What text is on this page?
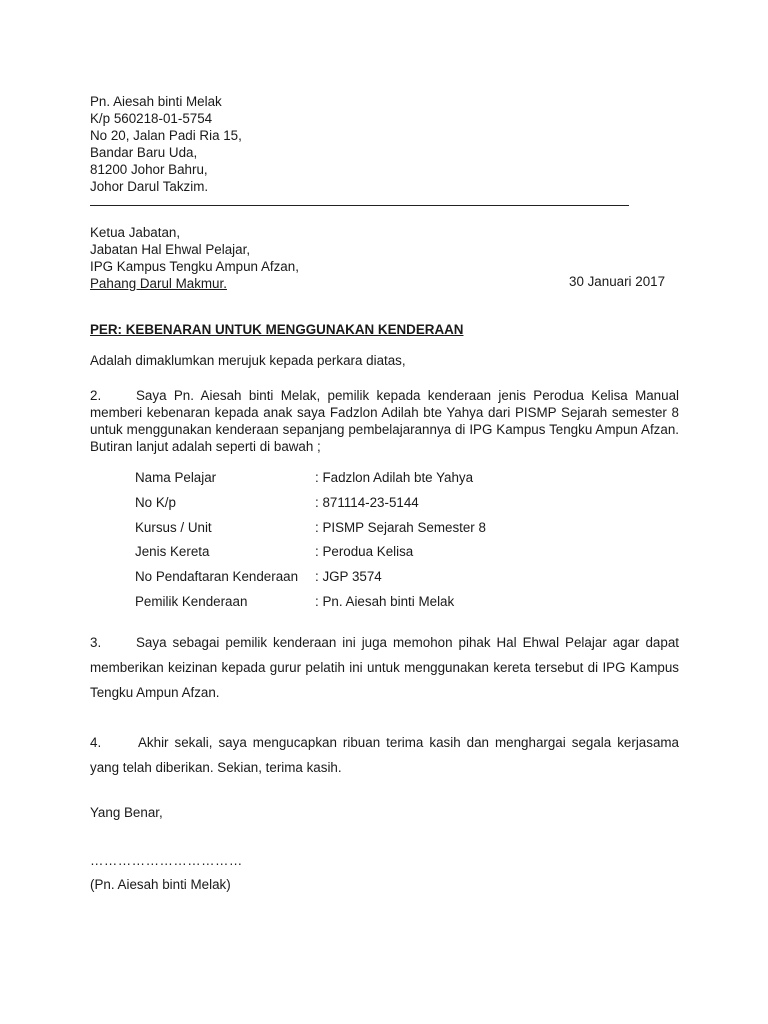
Pn. Aiesah binti Melak
K/p 560218-01-5754
No 20, Jalan Padi Ria 15,
Bandar Baru Uda,
81200 Johor Bahru,
Johor Darul Takzim.
Ketua Jabatan,
Jabatan Hal Ehwal Pelajar,
IPG Kampus Tengku Ampun Afzan,
Pahang Darul Makmur.	30 Januari 2017
PER: KEBENARAN UNTUK MENGGUNAKAN KENDERAAN
Adalah dimaklumkan merujuk kepada perkara diatas,
2.	Saya Pn. Aiesah binti Melak, pemilik kepada kenderaan jenis Perodua Kelisa Manual memberi kebenaran kepada anak saya Fadzlon Adilah bte Yahya dari PISMP Sejarah semester 8 untuk menggunakan kenderaan sepanjang pembelajarannya di IPG Kampus Tengku Ampun Afzan. Butiran lanjut adalah seperti di bawah ;
Nama Pelajar	: Fadzlon Adilah bte Yahya
No K/p	: 871114-23-5144
Kursus / Unit	: PISMP Sejarah Semester 8
Jenis Kereta	: Perodua Kelisa
No Pendaftaran Kenderaan : JGP 3574
Pemilik Kenderaan	: Pn. Aiesah binti Melak
3.	Saya sebagai pemilik kenderaan ini juga memohon pihak Hal Ehwal Pelajar agar dapat memberikan keizinan kepada gurur pelatih ini untuk menggunakan kereta tersebut di IPG Kampus Tengku Ampun Afzan.
4.	Akhir sekali, saya mengucapkan ribuan terima kasih dan menghargai segala kerjasama yang telah diberikan. Sekian, terima kasih.
Yang Benar,
……………………………
(Pn. Aiesah binti Melak)
